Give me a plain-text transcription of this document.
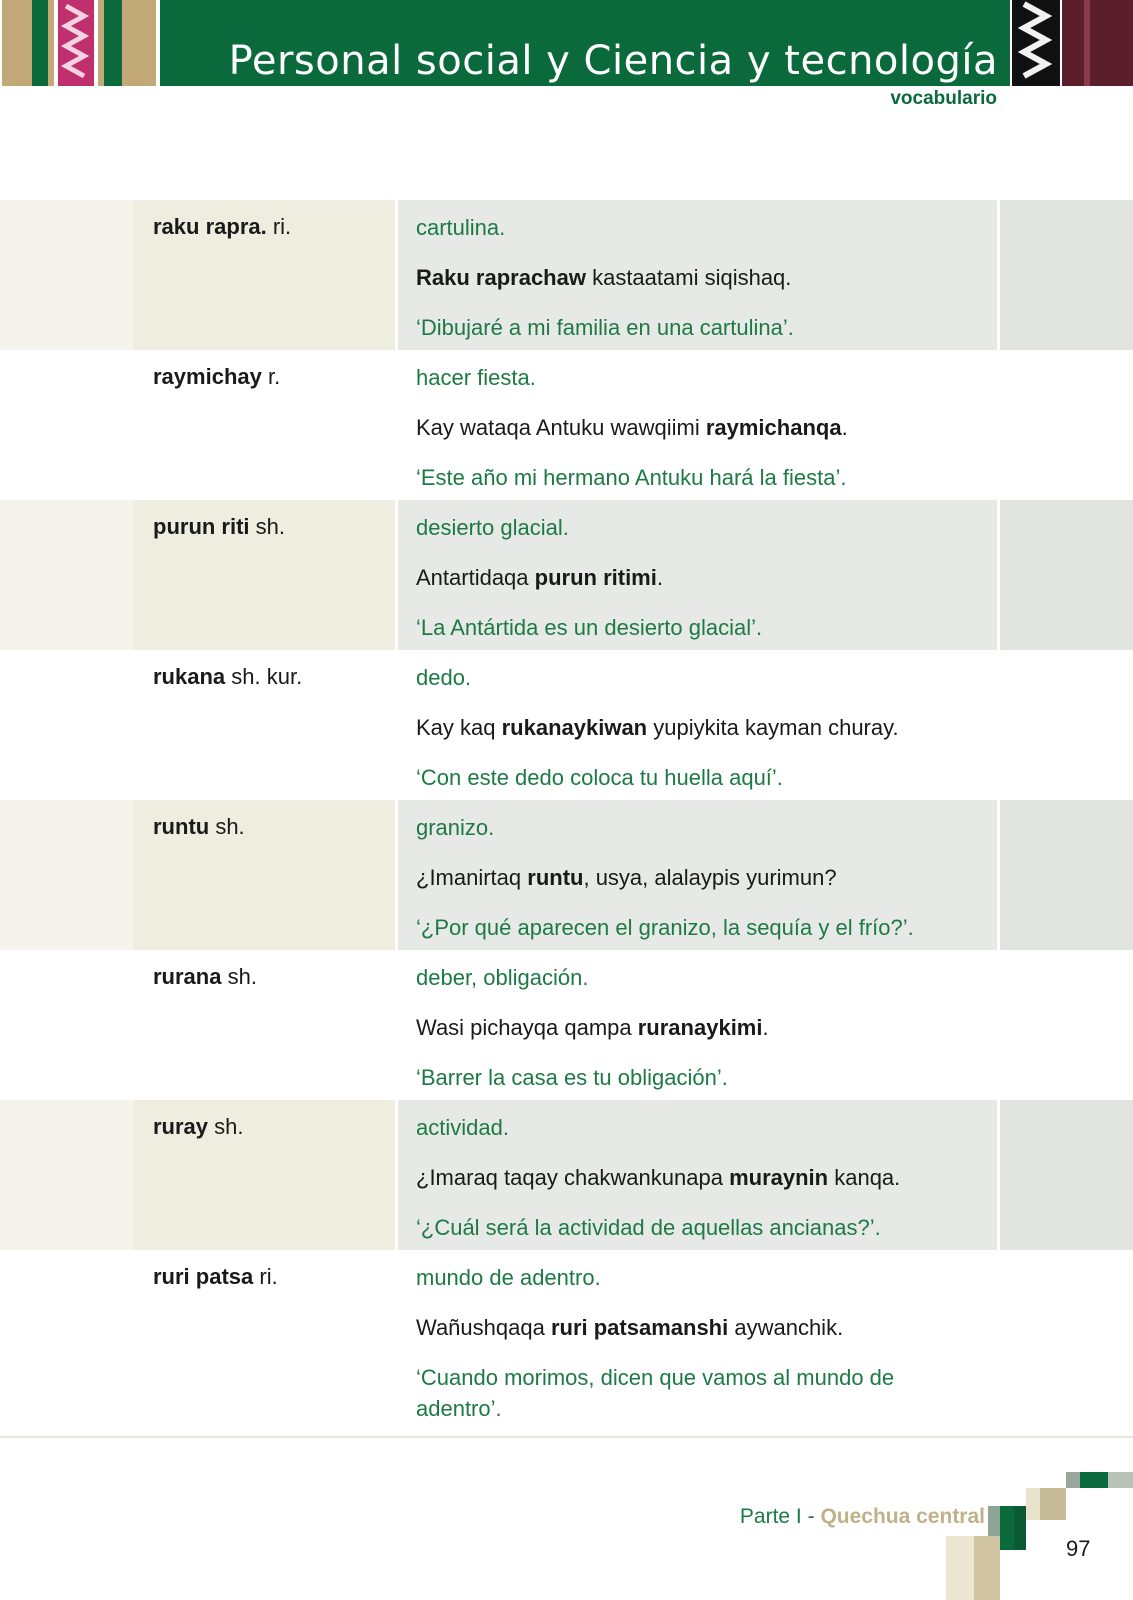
Personal social y Ciencia y tecnología
vocabulario
raku rapra. ri.	cartulina.
Raku raprachaw kastaatami siqishaq.
‘Dibujaré a mi familia en una cartulina’.
raymichay r.	hacer fiesta.
Kay wataqa Antuku wawqiimi raymichanqa.
‘Este año mi hermano Antuku hará la fiesta’.
purun riti sh.	desierto glacial.
Antartidaqa purun ritimi.
‘La Antártida es un desierto glacial’.
rukana sh. kur.	dedo.
Kay kaq rukanaykiwan yupiykita kayman churay.
‘Con este dedo coloca tu huella aquí’.
runtu sh.	granizo.
¿Imanirtaq runtu, usya, alalaypis yurimun?
‘¿Por qué aparecen el granizo, la sequía y el frío?’.
rurana sh.	deber, obligación.
Wasi pichayqa qampa ruranaykimi.
‘Barrer la casa es tu obligación’.
ruray sh.	actividad.
¿Imaraq taqay chakwankunapa muraynin kanqa.
‘¿Cuál será la actividad de aquellas ancianas?’.
ruri patsa ri.	mundo de adentro.
Wañushqaqa ruri patsamanshi aywanchik.
‘Cuando morimos, dicen que vamos al mundo de adentro’.
Parte I - Quechua central
97
